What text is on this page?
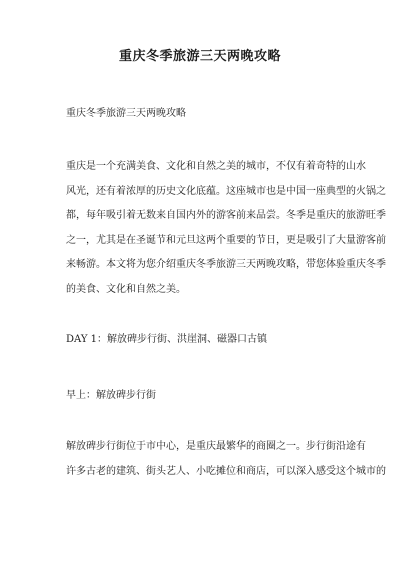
重庆冬季旅游三天两晚攻略
重庆冬季旅游三天两晚攻略
重庆是一个充满美食、文化和自然之美的城市，不仅有着奇特的山水
风光，还有着浓厚的历史文化底蕴。这座城市也是中国一座典型的火锅之
都，每年吸引着无数来自国内外的游客前来品尝。冬季是重庆的旅游旺季
之一，尤其是在圣诞节和元旦这两个重要的节日，更是吸引了大量游客前
来畅游。本文将为您介绍重庆冬季旅游三天两晚攻略，带您体验重庆冬季
的美食、文化和自然之美。
DAY 1：解放碑步行街、洪崖洞、磁器口古镇
早上：解放碑步行街
解放碑步行街位于市中心，是重庆最繁华的商圈之一。步行街沿途有
许多古老的建筑、街头艺人、小吃摊位和商店，可以深入感受这个城市的
